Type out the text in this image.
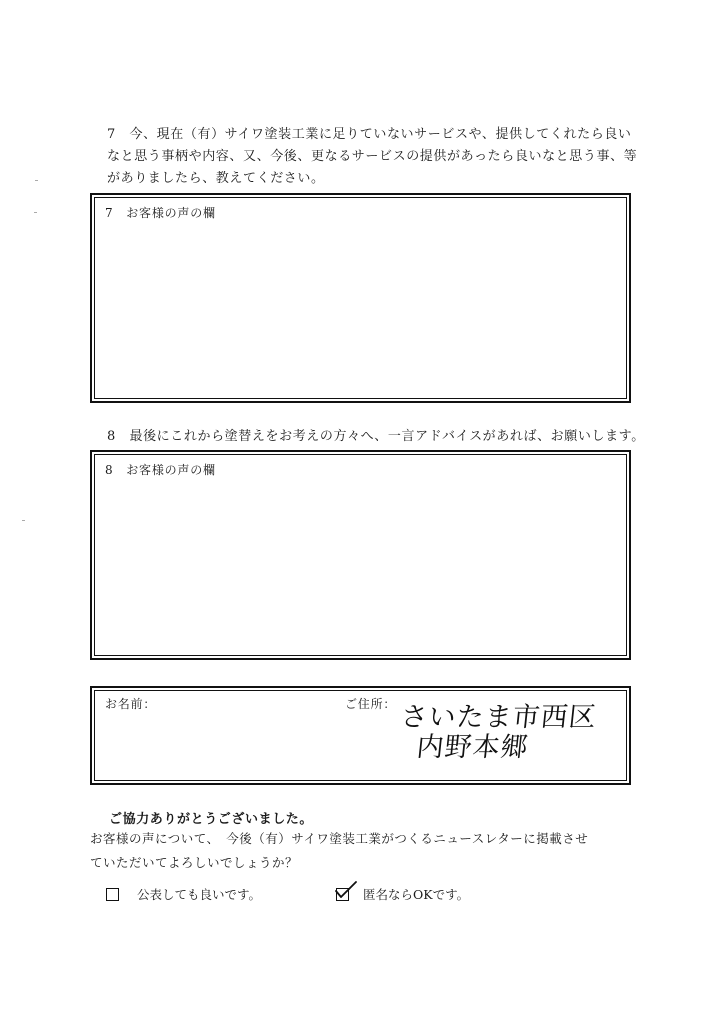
7　今、現在（有）サイワ塗装工業に足りていないサービスや、提供してくれたら良い
なと思う事柄や内容、又、今後、更なるサービスの提供があったら良いなと思う事、等
がありましたら、教えてください。
7　お客様の声の欄
8　最後にこれから塗替えをお考えの方々へ、一言アドバイスがあれば、お願いします。
8　お客様の声の欄
お名前：	ご住所： さいたま市西区
内野本郷
ご協力ありがとうございました。
お客様の声について、　今後（有）サイワ塗装工業がつくるニュースレターに掲載させ
ていただいてよろしいでしょうか？
公表しても良いです。	匿名ならOKです。
